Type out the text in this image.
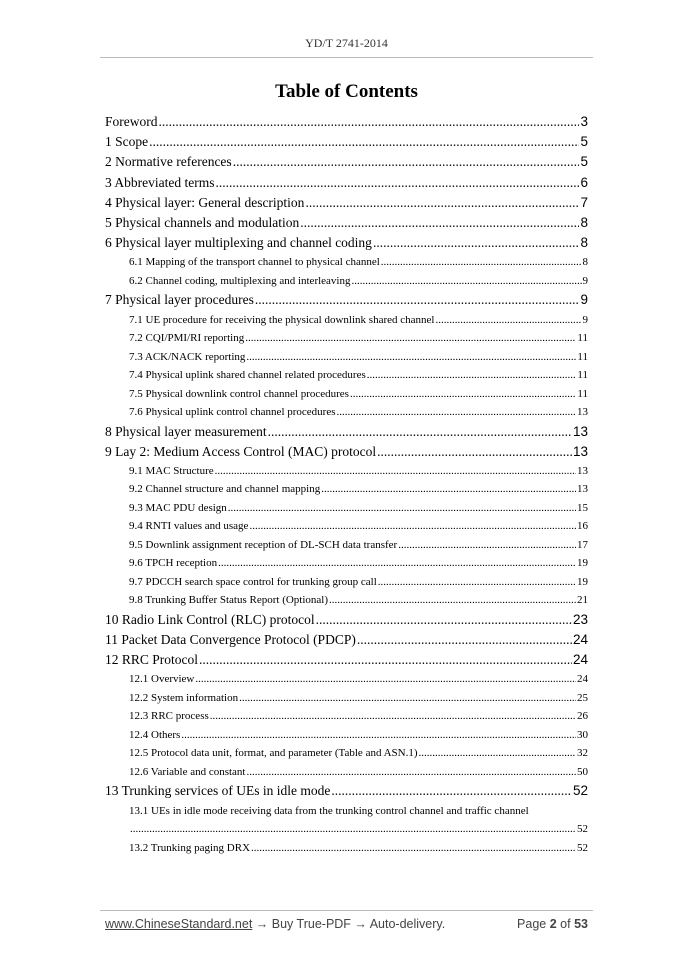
YD/T 2741-2014
Table of Contents
Foreword .....	3
1 Scope .....	5
2 Normative references .....	5
3 Abbreviated terms .....	6
4 Physical layer: General description .....	7
5 Physical channels and modulation .....	8
6 Physical layer multiplexing and channel coding .....	8
6.1 Mapping of the transport channel to physical channel .....	8
6.2 Channel coding, multiplexing and interleaving .....	9
7 Physical layer procedures .....	9
7.1 UE procedure for receiving the physical downlink shared channel .....	9
7.2 CQI/PMI/RI reporting .....	11
7.3 ACK/NACK reporting .....	11
7.4 Physical uplink shared channel related procedures .....	11
7.5 Physical downlink control channel procedures .....	11
7.6 Physical uplink control channel procedures .....	13
8 Physical layer measurement .....	13
9 Lay 2: Medium Access Control (MAC) protocol .....	13
9.1 MAC Structure .....	13
9.2 Channel structure and channel mapping .....	13
9.3 MAC PDU design .....	15
9.4 RNTI values and usage .....	16
9.5 Downlink assignment reception of DL-SCH data transfer .....	17
9.6 TPCH reception .....	19
9.7 PDCCH search space control for trunking group call .....	19
9.8 Trunking Buffer Status Report (Optional) .....	21
10 Radio Link Control (RLC) protocol .....	23
11 Packet Data Convergence Protocol (PDCP) .....	24
12 RRC Protocol .....	24
12.1 Overview .....	24
12.2 System information .....	25
12.3 RRC process .....	26
12.4 Others .....	30
12.5 Protocol data unit, format, and parameter (Table and ASN.1) .....	32
12.6 Variable and constant .....	50
13 Trunking services of UEs in idle mode .....	52
13.1 UEs in idle mode receiving data from the trunking control channel and traffic channel
.....
52
13.2 Trunking paging DRX .....	52
www.ChineseStandard.net → Buy True-PDF → Auto-delivery.	Page 2 of 53
